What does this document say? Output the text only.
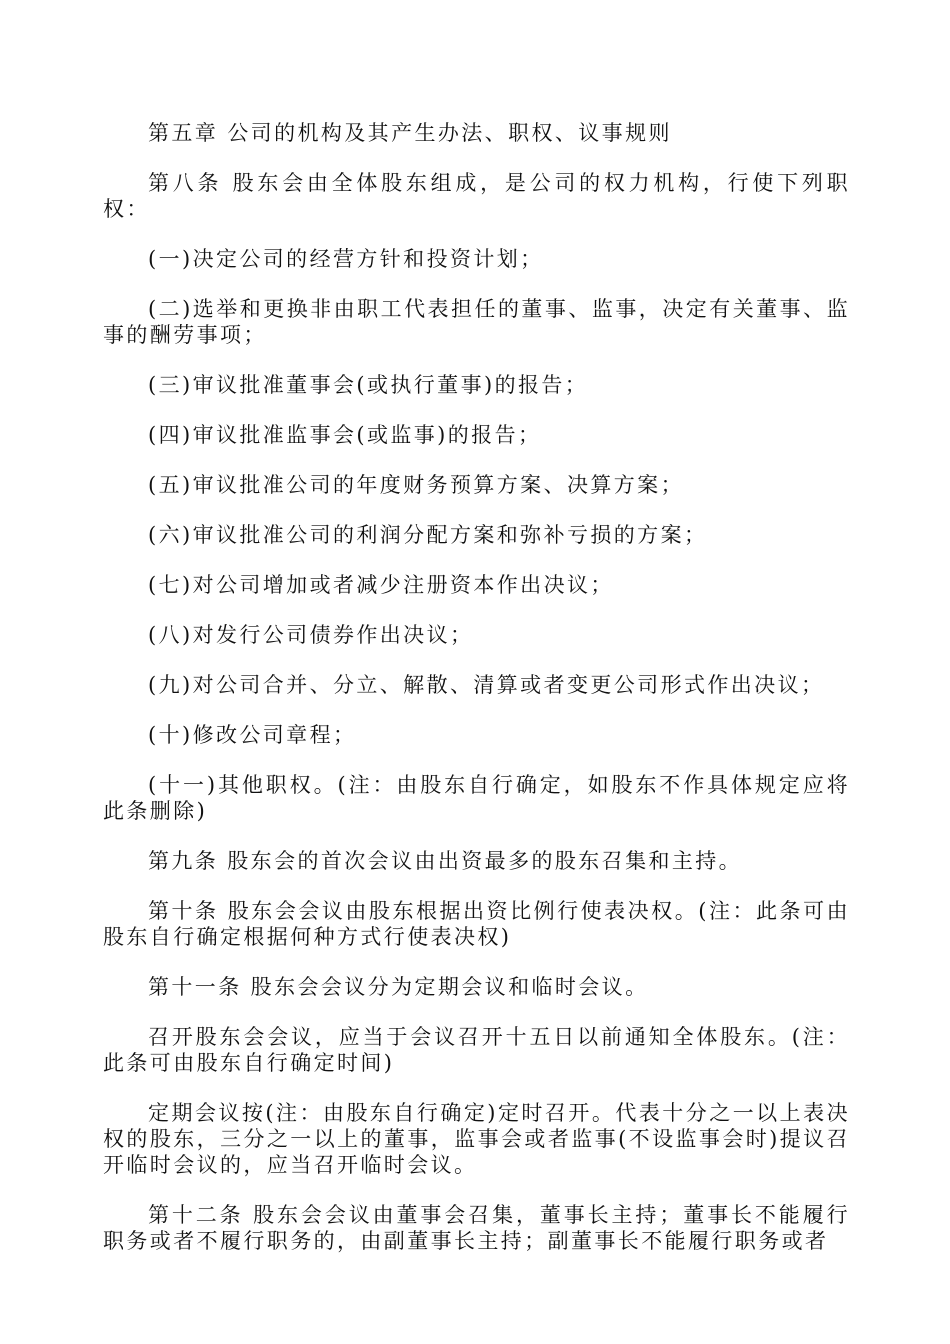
第五章 公司的机构及其产生办法、职权、议事规则

第八条 股东会由全体股东组成，是公司的权力机构，行使下列职权：

(一)决定公司的经营方针和投资计划；

(二)选举和更换非由职工代表担任的董事、监事，决定有关董事、监事的酬劳事项；

(三)审议批准董事会(或执行董事)的报告；

(四)审议批准监事会(或监事)的报告；

(五)审议批准公司的年度财务预算方案、决算方案；

(六)审议批准公司的利润分配方案和弥补亏损的方案；

(七)对公司增加或者减少注册资本作出决议；

(八)对发行公司债券作出决议；

(九)对公司合并、分立、解散、清算或者变更公司形式作出决议；

(十)修改公司章程；

(十一)其他职权。(注：由股东自行确定，如股东不作具体规定应将此条删除)

第九条 股东会的首次会议由出资最多的股东召集和主持。

第十条 股东会会议由股东根据出资比例行使表决权。(注：此条可由股东自行确定根据何种方式行使表决权)

第十一条 股东会会议分为定期会议和临时会议。

召开股东会会议，应当于会议召开十五日以前通知全体股东。(注：此条可由股东自行确定时间)

定期会议按(注：由股东自行确定)定时召开。代表十分之一以上表决权的股东，三分之一以上的董事，监事会或者监事(不设监事会时)提议召开临时会议的，应当召开临时会议。

第十二条 股东会会议由董事会召集，董事长主持；董事长不能履行职务或者不履行职务的，由副董事长主持；副董事长不能履行职务或者
